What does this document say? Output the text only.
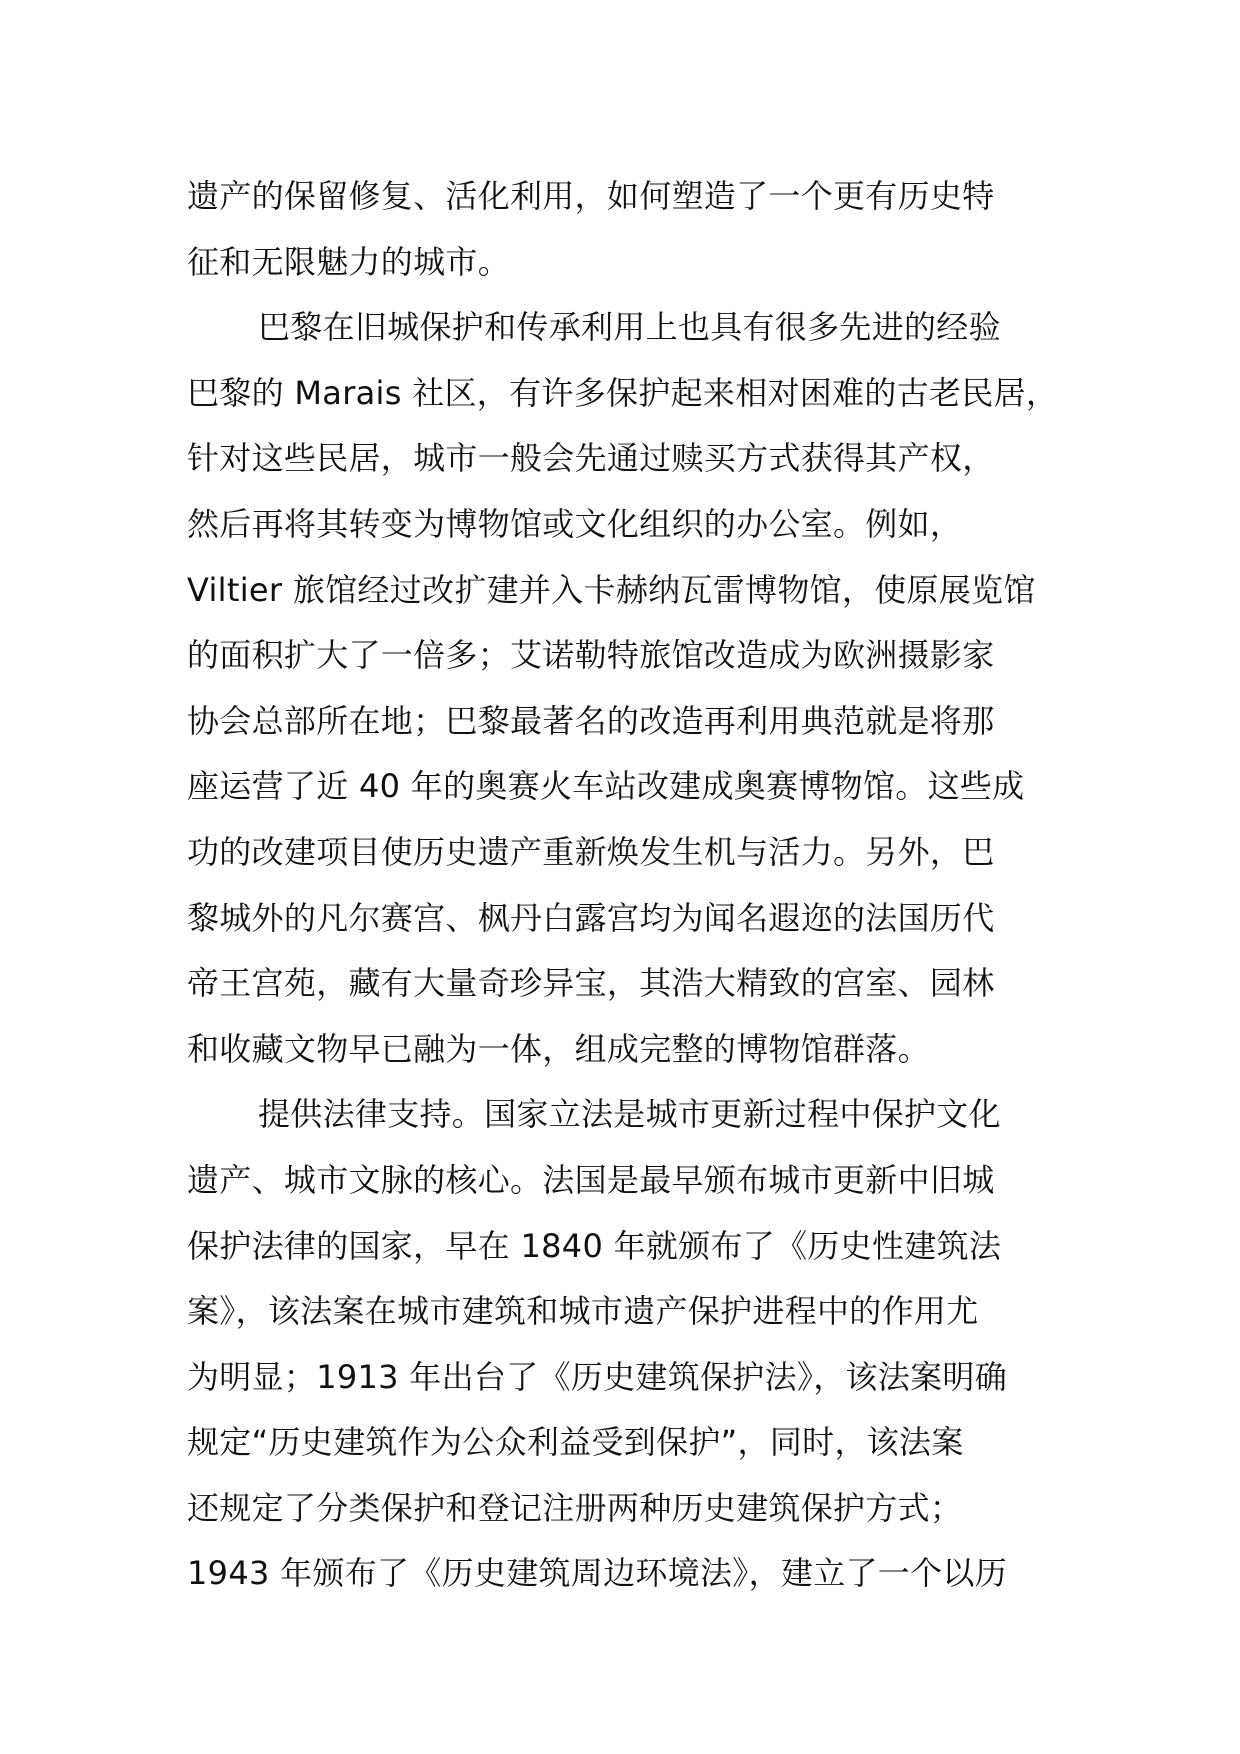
遗产的保留修复、活化利用，如何塑造了一个更有历史特
征和无限魅力的城市。
巴黎在旧城保护和传承利用上也具有很多先进的经验
巴黎的 Marais 社区，有许多保护起来相对困难的古老民居，
针对这些民居，城市一般会先通过赎买方式获得其产权，
然后再将其转变为博物馆或文化组织的办公室。例如，
Viltier 旅馆经过改扩建并入卡赫纳瓦雷博物馆，使原展览馆
的面积扩大了一倍多；艾诺勒特旅馆改造成为欧洲摄影家
协会总部所在地；巴黎最著名的改造再利用典范就是将那
座运营了近 40 年的奥赛火车站改建成奥赛博物馆。这些成
功的改建项目使历史遗产重新焕发生机与活力。另外，巴
黎城外的凡尔赛宫、枫丹白露宫均为闻名遐迩的法国历代
帝王宫苑，藏有大量奇珍异宝，其浩大精致的宫室、园林
和收藏文物早已融为一体，组成完整的博物馆群落。
提供法律支持。国家立法是城市更新过程中保护文化
遗产、城市文脉的核心。法国是最早颁布城市更新中旧城
保护法律的国家，早在 1840 年就颁布了《历史性建筑法
案》，该法案在城市建筑和城市遗产保护进程中的作用尤
为明显；1913 年出台了《历史建筑保护法》，该法案明确
规定“历史建筑作为公众利益受到保护”，同时，该法案
还规定了分类保护和登记注册两种历史建筑保护方式；
1943 年颁布了《历史建筑周边环境法》，建立了一个以历
